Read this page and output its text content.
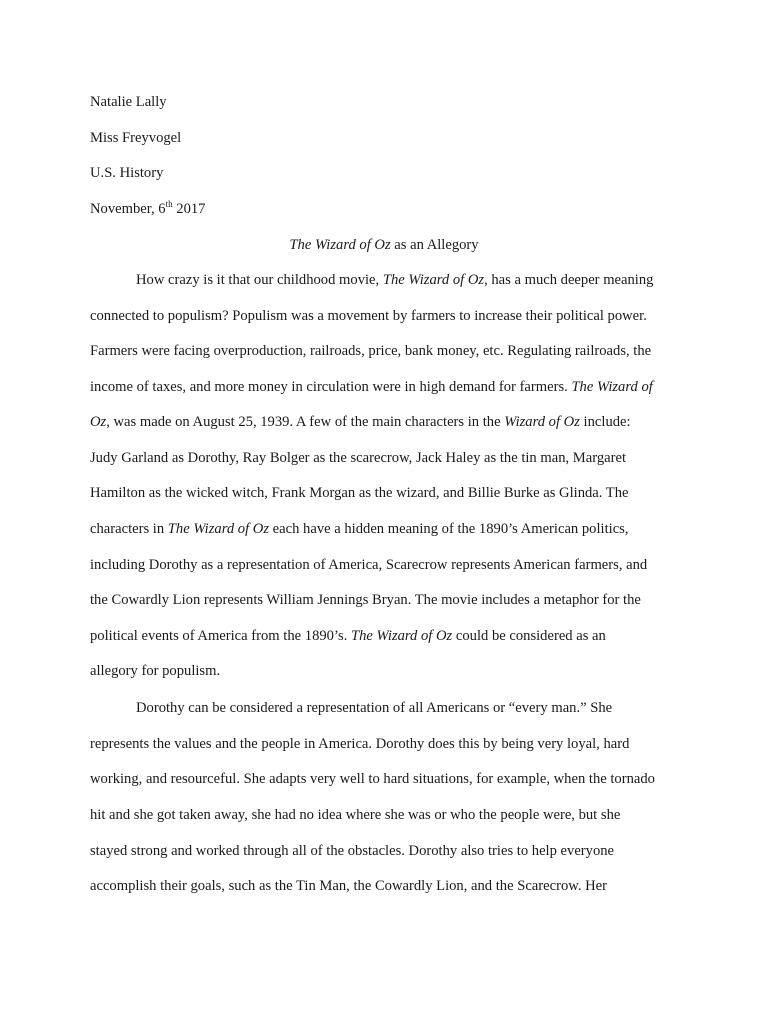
Natalie Lally
Miss Freyvogel
U.S. History
November, 6th 2017
The Wizard of Oz as an Allegory
How crazy is it that our childhood movie, The Wizard of Oz, has a much deeper meaning
connected to populism? Populism was a movement by farmers to increase their political power.
Farmers were facing overproduction, railroads, price, bank money, etc. Regulating railroads, the
income of taxes, and more money in circulation were in high demand for farmers. The Wizard of
Oz, was made on August 25, 1939. A few of the main characters in the Wizard of Oz include:
Judy Garland as Dorothy, Ray Bolger as the scarecrow, Jack Haley as the tin man, Margaret
Hamilton as the wicked witch, Frank Morgan as the wizard, and Billie Burke as Glinda. The
characters in The Wizard of Oz each have a hidden meaning of the 1890’s American politics,
including Dorothy as a representation of America, Scarecrow represents American farmers, and
the Cowardly Lion represents William Jennings Bryan. The movie includes a metaphor for the
political events of America from the 1890’s. The Wizard of Oz could be considered as an
allegory for populism.
Dorothy can be considered a representation of all Americans or “every man.” She
represents the values and the people in America. Dorothy does this by being very loyal, hard
working, and resourceful. She adapts very well to hard situations, for example, when the tornado
hit and she got taken away, she had no idea where she was or who the people were, but she
stayed strong and worked through all of the obstacles. Dorothy also tries to help everyone
accomplish their goals, such as the Tin Man, the Cowardly Lion, and the Scarecrow. Her
